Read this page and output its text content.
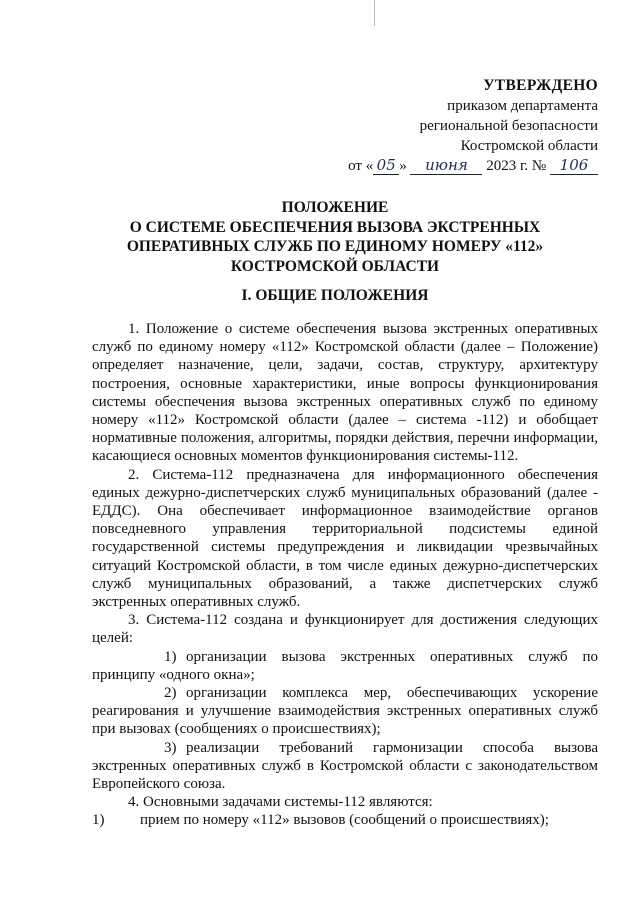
УТВЕРЖДЕНО
приказом департамента
региональной безопасности
Костромской области
от « 05 » июня 2023 г. № 106
ПОЛОЖЕНИЕ
О СИСТЕМЕ ОБЕСПЕЧЕНИЯ ВЫЗОВА ЭКСТРЕННЫХ
ОПЕРАТИВНЫХ СЛУЖБ ПО ЕДИНОМУ НОМЕРУ «112»
КОСТРОМСКОЙ ОБЛАСТИ
I. ОБЩИЕ ПОЛОЖЕНИЯ

1. Положение о системе обеспечения вызова экстренных оперативных служб по единому номеру «112» Костромской области (далее – Положение) определяет назначение, цели, задачи, состав, структуру, архитектуру построения, основные характеристики, иные вопросы функционирования системы обеспечения вызова экстренных оперативных служб по единому номеру «112» Костромской области (далее – система -112) и обобщает нормативные положения, алгоритмы, порядки действия, перечни информации, касающиеся основных моментов функционирования системы-112.

2. Система-112 предназначена для информационного обеспечения единых дежурно-диспетчерских служб муниципальных образований (далее - ЕДДС). Она обеспечивает информационное взаимодействие органов повседневного управления территориальной подсистемы единой государственной системы предупреждения и ликвидации чрезвычайных ситуаций Костромской области, в том числе единых дежурно-диспетчерских служб муниципальных образований, а также диспетчерских служб экстренных оперативных служб.

3. Система-112 создана и функционирует для достижения следующих целей:

1) организации вызова экстренных оперативных служб по принципу «одного окна»;

2) организации комплекса мер, обеспечивающих ускорение реагирования и улучшение взаимодействия экстренных оперативных служб при вызовах (сообщениях о происшествиях);

3) реализации требований гармонизации способа вызова экстренных оперативных служб в Костромской области с законодательством Европейского союза.

4. Основными задачами системы-112 являются:

1) прием по номеру «112» вызовов (сообщений о происшествиях);
